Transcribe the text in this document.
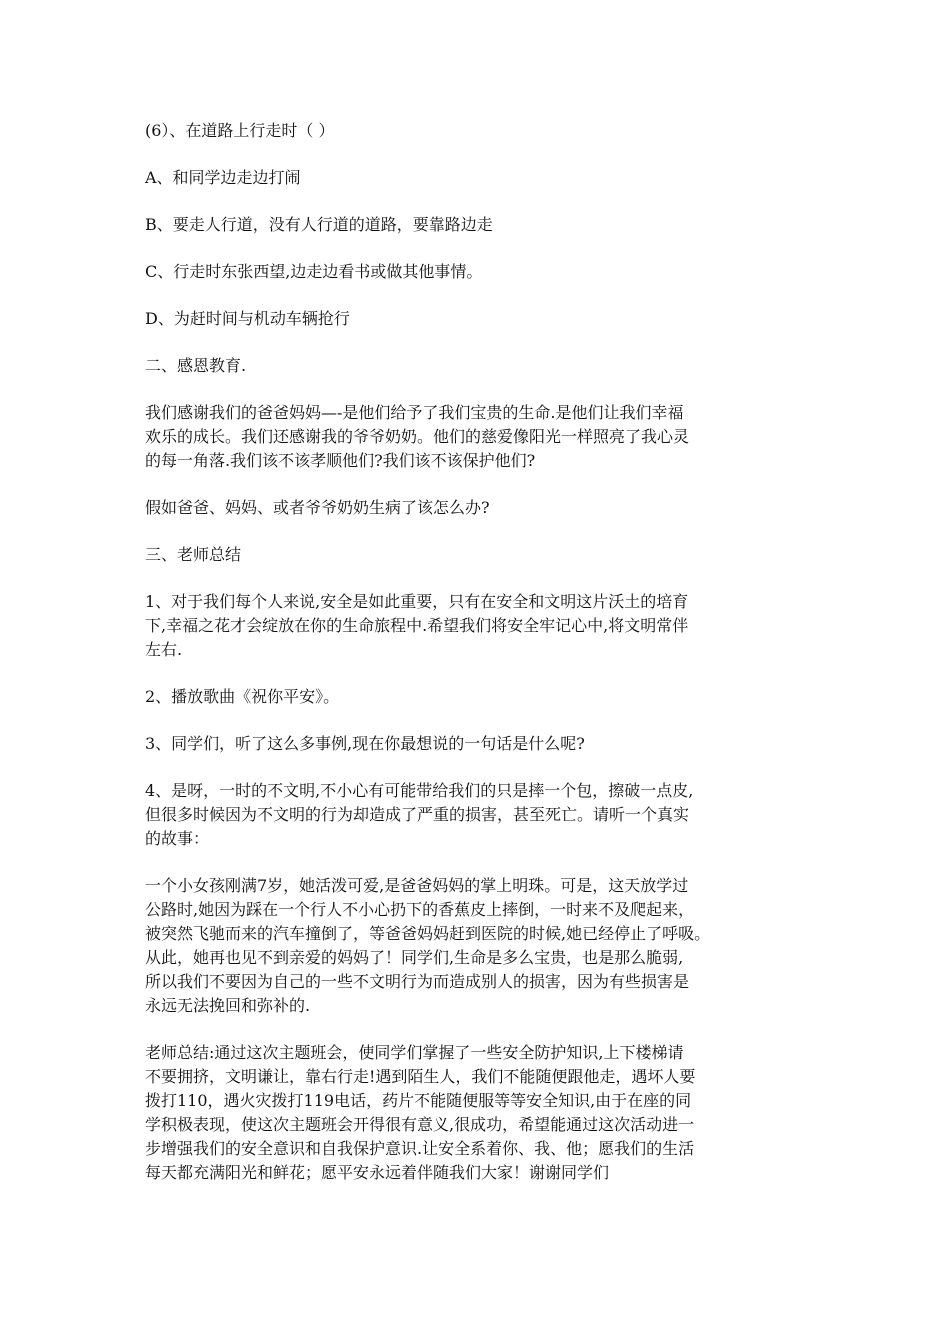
(6）、在道路上行走时（ ）

A、和同学边走边打闹

B、要走人行道，没有人行道的道路，要靠路边走

C、行走时东张西望,边走边看书或做其他事情。

D、为赶时间与机动车辆抢行

二、感恩教育.

我们感谢我们的爸爸妈妈—-是他们给予了我们宝贵的生命.是他们让我们幸福
欢乐的成长。我们还感谢我的爷爷奶奶。他们的慈爱像阳光一样照亮了我心灵
的每一角落.我们该不该孝顺他们?我们该不该保护他们?

假如爸爸、妈妈、或者爷爷奶奶生病了该怎么办?

三、老师总结

1、对于我们每个人来说,安全是如此重要，只有在安全和文明这片沃土的培育
下,幸福之花才会绽放在你的生命旅程中.希望我们将安全牢记心中,将文明常伴
左右.

2、播放歌曲《祝你平安》。

3、同学们，听了这么多事例,现在你最想说的一句话是什么呢?

4、是呀，一时的不文明,不小心有可能带给我们的只是摔一个包，擦破一点皮,
但很多时候因为不文明的行为却造成了严重的损害，甚至死亡。请听一个真实
的故事：

一个小女孩刚满7岁，她活泼可爱,是爸爸妈妈的掌上明珠。可是，这天放学过
公路时,她因为踩在一个行人不小心扔下的香蕉皮上摔倒，一时来不及爬起来，
被突然飞驰而来的汽车撞倒了，等爸爸妈妈赶到医院的时候,她已经停止了呼吸。
从此，她再也见不到亲爱的妈妈了！同学们,生命是多么宝贵，也是那么脆弱,
所以我们不要因为自己的一些不文明行为而造成别人的损害，因为有些损害是
永远无法挽回和弥补的.

老师总结:通过这次主题班会，使同学们掌握了一些安全防护知识,上下楼梯请
不要拥挤，文明谦让，靠右行走!遇到陌生人，我们不能随便跟他走，遇坏人要
拨打110，遇火灾拨打119电话，药片不能随便服等等安全知识,由于在座的同
学积极表现，使这次主题班会开得很有意义,很成功，希望能通过这次活动进一
步增强我们的安全意识和自我保护意识.让安全系着你、我、他；愿我们的生活
每天都充满阳光和鲜花；愿平安永远着伴随我们大家！谢谢同学们
